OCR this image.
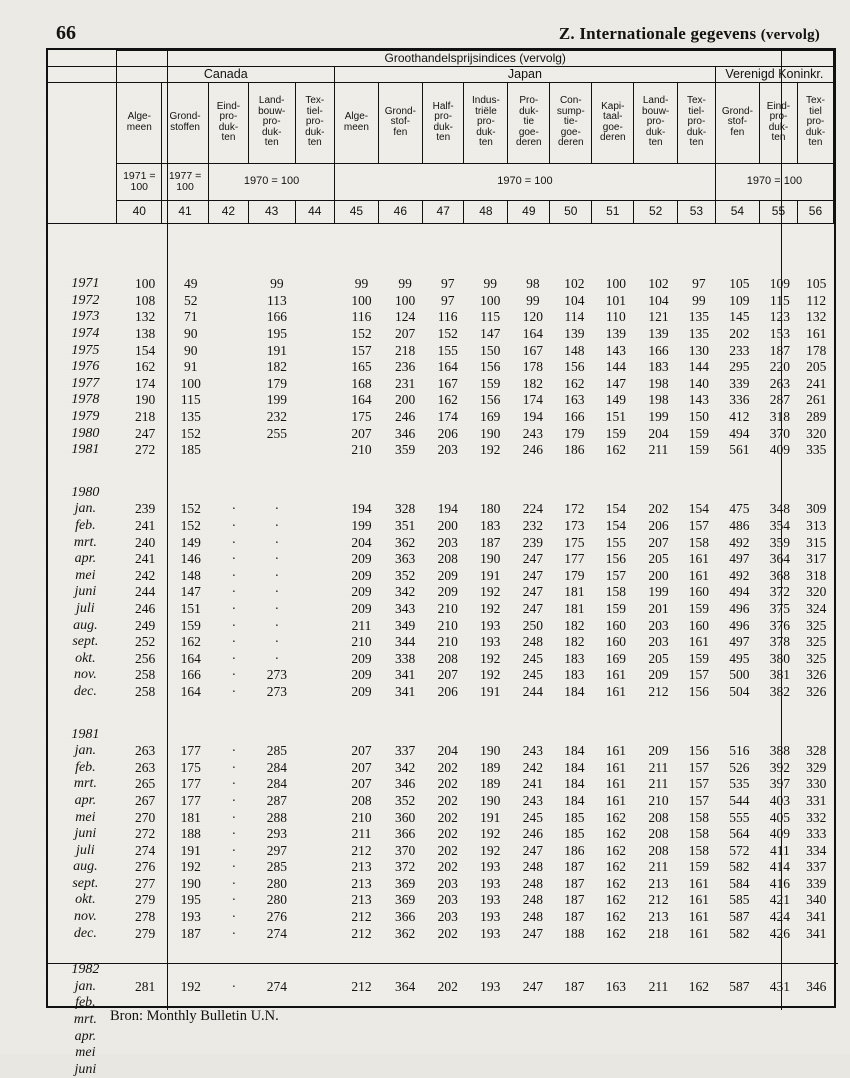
66	Z. Internationale gegevens (vervolg)
	Groothandelsprijsindices (vervolg)																
	Canada					Japan									Verenigd Koninkr.		
	Alge-
meen	Grond-
stoffen	Eind-
pro-
duk-
ten	Land-
bouw-
pro-
duk-
ten	Tex-
tiel-
pro-
duk-
ten	Alge-
meen	Grond-
stof-
fen	Half-
pro-
duk-
ten	Indus-
triële
pro-
duk-
ten	Pro-
duk-
tie
goe-
deren	Con-
sump-
tie-
goe-
deren	Kapi-
taal-
goe-
deren	Land-
bouw-
pro-
duk-
ten	Tex-
tiel-
pro-
duk-
ten	Grond-
stof-
fen	Eind-
pro-
duk-
ten	Tex-
tiel
pro-
duk-
ten
	1971 =
100	1977 =
100	1970 = 100			1970 = 100									1970 = 100		
	40	41	42	43	44	45	46	47	48	49	50	51	52	53	54	55	56
1971	100	49		99		99	99	97	99	98	102	100	102	97	105	109	105
1972	108	52		113		100	100	97	100	99	104	101	104	99	109	115	112
1973	132	71		166		116	124	116	115	120	114	110	121	135	145	123	132
1974	138	90		195		152	207	152	147	164	139	139	139	135	202	153	161
1975	154	90		191		157	218	155	150	167	148	143	166	130	233	187	178
1976	162	91		182		165	236	164	156	178	156	144	183	144	295	220	205
1977	174	100		179		168	231	167	159	182	162	147	198	140	339	263	241
1978	190	115		199		164	200	162	156	174	163	149	198	143	336	287	261
1979	218	135		232		175	246	174	169	194	166	151	199	150	412	318	289
1980	247	152		255		207	346	206	190	243	179	159	204	159	494	370	320
1981	272	185				210	359	203	192	246	186	162	211	159	561	409	335

1980																	
jan.	239	152	·	·		194	328	194	180	224	172	154	202	154	475	348	309
feb.	241	152	·	·		199	351	200	183	232	173	154	206	157	486	354	313
mrt.	240	149	·	·		204	362	203	187	239	175	155	207	158	492	359	315
apr.	241	146	·	·		209	363	208	190	247	177	156	205	161	497	364	317
mei	242	148	·	·		209	352	209	191	247	179	157	200	161	492	368	318
juni	244	147	·	·		209	342	209	192	247	181	158	199	160	494	372	320
juli	246	151	·	·		209	343	210	192	247	181	159	201	159	496	375	324
aug.	249	159	·	·		211	349	210	193	250	182	160	203	160	496	376	325
sept.	252	162	·	·		210	344	210	193	248	182	160	203	161	497	378	325
okt.	256	164	·	·		209	338	208	192	245	183	169	205	159	495	380	325
nov.	258	166	·	273		209	341	207	192	245	183	161	209	157	500	381	326
dec.	258	164	·	273		209	341	206	191	244	184	161	212	156	504	382	326

1981																	
jan.	263	177	·	285		207	337	204	190	243	184	161	209	156	516	388	328
feb.	263	175	·	284		207	342	202	189	242	184	161	211	157	526	392	329
mrt.	265	177	·	284		207	346	202	189	241	184	161	211	157	535	397	330
apr.	267	177	·	287		208	352	202	190	243	184	161	210	157	544	403	331
mei	270	181	·	288		210	360	202	191	245	185	162	208	158	555	405	332
juni	272	188	·	293		211	366	202	192	246	185	162	208	158	564	409	333
juli	274	191	·	297		212	370	202	192	247	186	162	208	158	572	411	334
aug.	276	192	·	285		213	372	202	193	248	187	162	211	159	582	414	337
sept.	277	190	·	280		213	369	203	193	248	187	162	213	161	584	416	339
okt.	279	195	·	280		213	369	203	193	248	187	162	212	161	585	421	340
nov.	278	193	·	276		212	366	203	193	248	187	162	213	161	587	424	341
dec.	279	187	·	274		212	362	202	193	247	188	162	218	161	582	426	341

1982																	
jan.	281	192	·	274		212	364	202	193	247	187	163	211	162	587	431	346
feb.																	
mrt.																	
apr.																	
mei																	
juni																	
Bron: Monthly Bulletin U.N.
